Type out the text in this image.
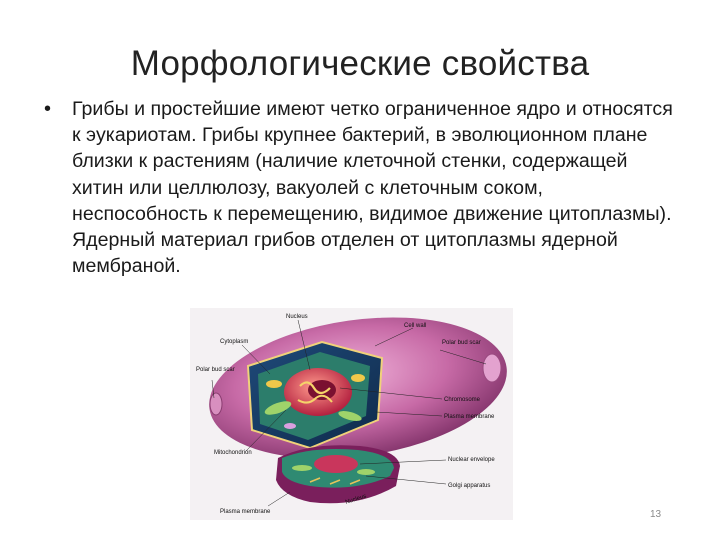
Морфологические свойства
• Грибы и простейшие имеют четко ограниченное ядро и относятся к эукариотам. Грибы крупнее бактерий, в эволюционном плане близки к растениям (наличие клеточной стенки, содержащей хитин или целлюлозу, вакуолей с клеточным соком, неспособность к перемещению, видимое движение цитоплазмы). Ядерный материал грибов отделен от цитоплазмы ядерной мембраной.
Cell wall
Nucleus
Cytoplasm
Polar bud scar
Polar bud scar
Chromosome
Plasma membrane
Mitochondrion
Nuclear envelope
Golgi apparatus
Plasma membrane
Nucleus
13
